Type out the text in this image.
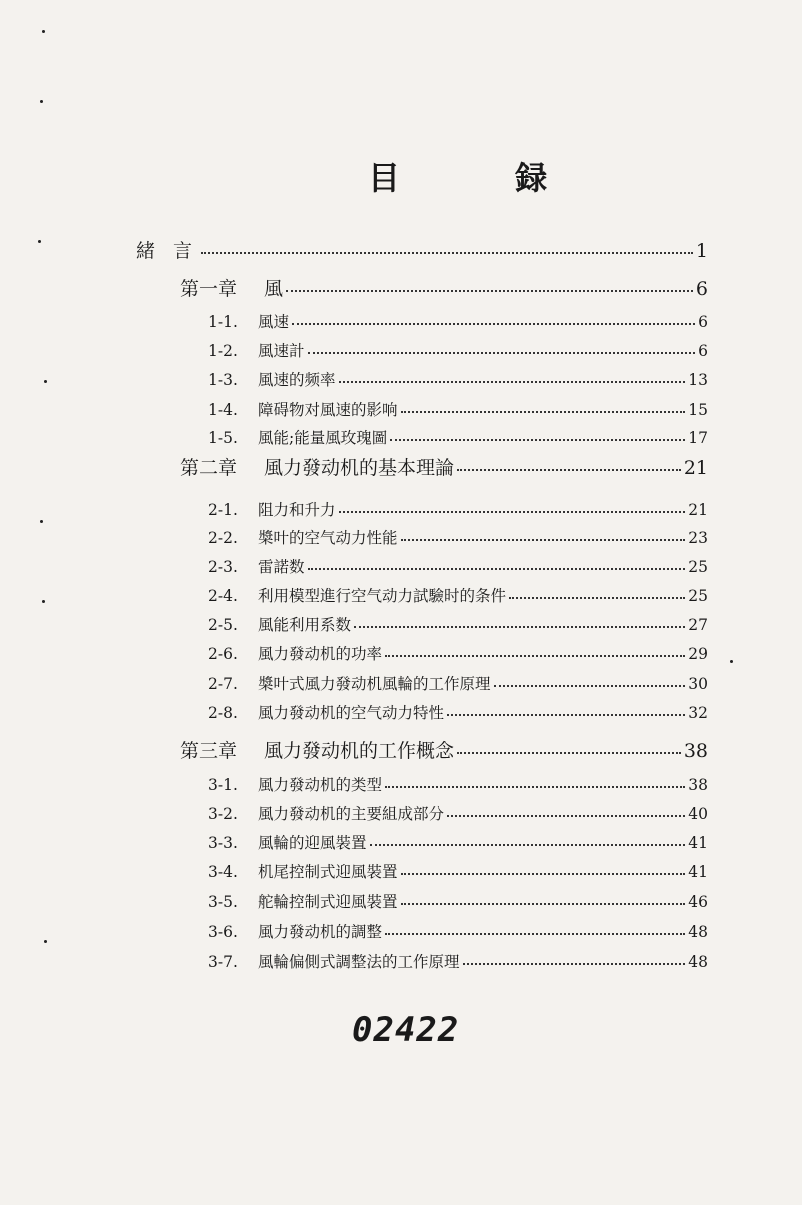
目 録
緒 言	1
第一章	風	6
1-1.	風速	6
1-2.	風速計	6
1-3.	風速的频率	13
1-4.	障碍物对風速的影响	15
1-5.	風能;能量風玫瑰圖	17
第二章	風力發动机的基本理論	21
2-1.	阻力和升力	21
2-2.	槳叶的空气动力性能	23
2-3.	雷諾数	25
2-4.	利用模型進行空气动力試驗时的条件	25
2-5.	風能利用系数	27
2-6.	風力發动机的功率	29
2-7.	槳叶式風力發动机風輪的工作原理	30
2-8.	風力發动机的空气动力特性	32
第三章	風力發动机的工作概念	38
3-1.	風力發动机的类型	38
3-2.	風力發动机的主要組成部分	40
3-3.	風輪的迎風裝置	41
3-4.	机尾控制式迎風裝置	41
3-5.	舵輪控制式迎風裝置	46
3-6.	風力發动机的調整	48
3-7.	風輪偏側式調整法的工作原理	48
02422
